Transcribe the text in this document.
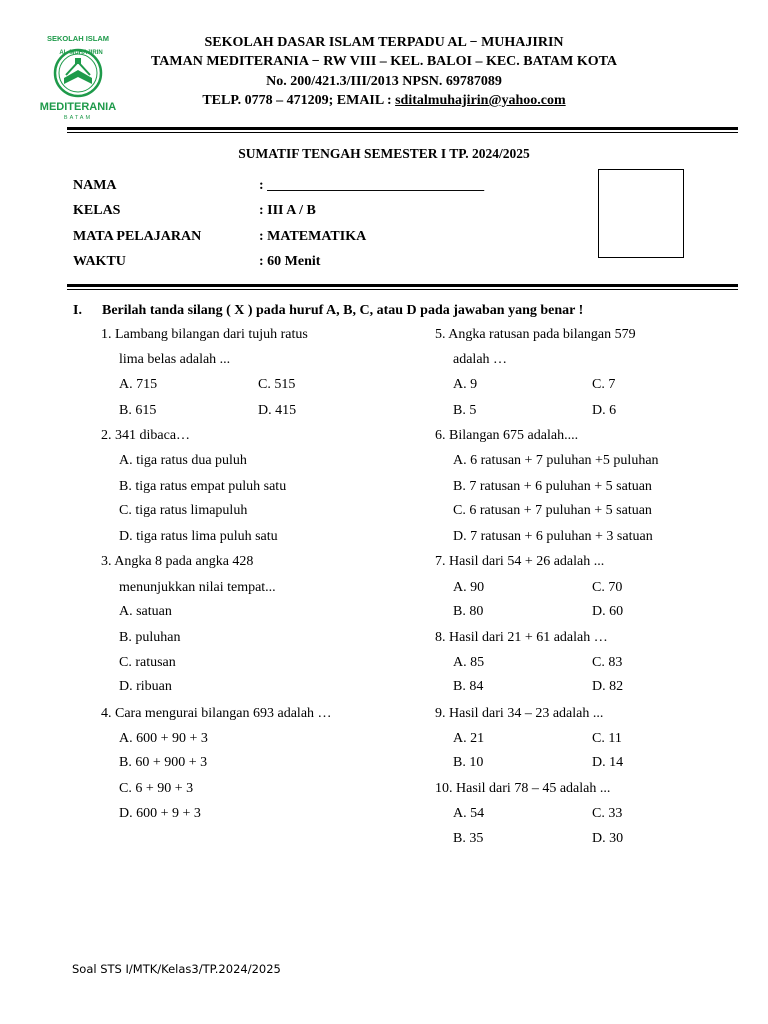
SEKOLAH ISLAM
AL-MUHAJIRIN
MEDITERANIA
BATAM
SEKOLAH DASAR ISLAM TERPADU AL − MUHAJIRIN
TAMAN MEDITERANIA − RW VIII – KEL. BALOI – KEC. BATAM KOTA
No. 200/421.3/III/2013 NPSN. 69787089
TELP. 0778 – 471209; EMAIL : sditalmuhajirin@yahoo.com
SUMATIF TENGAH SEMESTER I TP. 2024/2025
NAMA	: _______________________________
KELAS	: III A / B
MATA PELAJARAN	: MATEMATIKA
WAKTU	: 60 Menit
I. Berilah tanda silang ( X ) pada huruf A, B, C, atau D pada jawaban yang benar !
1. Lambang bilangan dari tujuh ratus
lima belas adalah ...
A. 715	C. 515
B. 615	D. 415
2. 341 dibaca…
A. tiga ratus dua puluh
B. tiga ratus empat puluh satu
C. tiga ratus limapuluh
D. tiga ratus lima puluh satu
3. Angka 8 pada angka 428
menunjukkan nilai tempat...
A. satuan
B. puluhan
C. ratusan
D. ribuan
4. Cara mengurai bilangan 693 adalah …
A. 600 + 90 + 3
B. 60 + 900 + 3
C. 6 + 90 + 3
D. 600 + 9 + 3
5. Angka ratusan pada bilangan 579
adalah …
A. 9	C. 7
B. 5	D. 6
6. Bilangan 675 adalah....
A. 6 ratusan + 7 puluhan +5 puluhan
B. 7 ratusan + 6 puluhan + 5 satuan
C. 6 ratusan + 7 puluhan + 5 satuan
D. 7 ratusan + 6 puluhan + 3 satuan
7. Hasil dari 54 + 26 adalah ...
A. 90	C. 70
B. 80	D. 60
8. Hasil dari 21 + 61 adalah …
A. 85	C. 83
B. 84	D. 82
9. Hasil dari 34 – 23 adalah ...
A. 21	C. 11
B. 10	D. 14
10. Hasil dari 78 – 45 adalah ...
A. 54	C. 33
B. 35	D. 30
Soal STS I/MTK/Kelas3/TP.2024/2025
